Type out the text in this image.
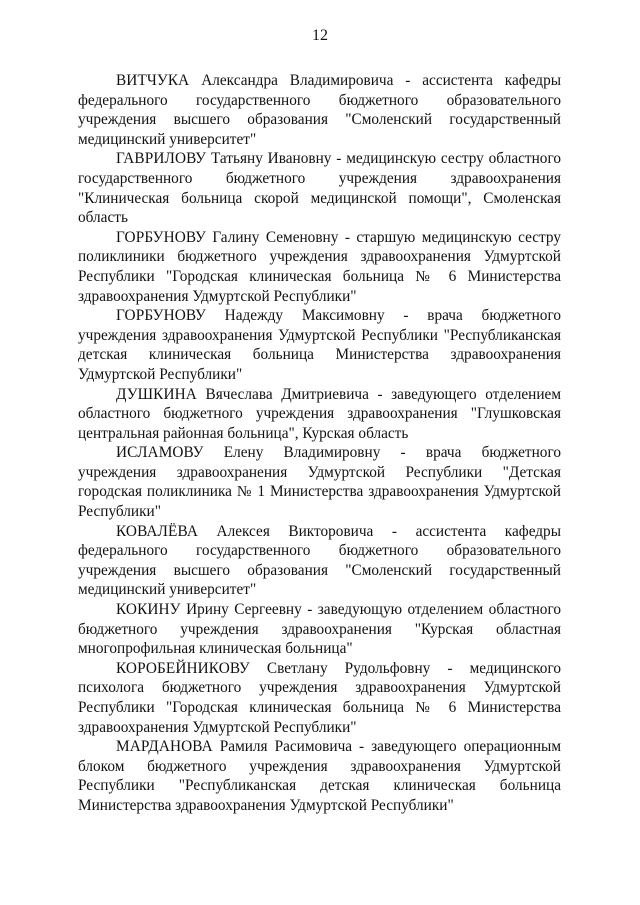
12

ВИТЧУКА Александра Владимировича - ассистента кафедры федерального государственного бюджетного образовательного учреждения высшего образования "Смоленский государственный медицинский университет"

ГАВРИЛОВУ Татьяну Ивановну - медицинскую сестру областного государственного бюджетного учреждения здравоохранения "Клиническая больница скорой медицинской помощи", Смоленская область

ГОРБУНОВУ Галину Семеновну - старшую медицинскую сестру поликлиники бюджетного учреждения здравоохранения Удмуртской Республики "Городская клиническая больница № 6 Министерства здравоохранения Удмуртской Республики"

ГОРБУНОВУ Надежду Максимовну - врача бюджетного учреждения здравоохранения Удмуртской Республики "Республиканская детская клиническая больница Министерства здравоохранения Удмуртской Республики"

ДУШКИНА Вячеслава Дмитриевича - заведующего отделением областного бюджетного учреждения здравоохранения "Глушковская центральная районная больница", Курская область

ИСЛАМОВУ Елену Владимировну - врача бюджетного учреждения здравоохранения Удмуртской Республики "Детская городская поликлиника № 1 Министерства здравоохранения Удмуртской Республики"

КОВАЛЁВА Алексея Викторовича - ассистента кафедры федерального государственного бюджетного образовательного учреждения высшего образования "Смоленский государственный медицинский университет"

КОКИНУ Ирину Сергеевну - заведующую отделением областного бюджетного учреждения здравоохранения "Курская областная многопрофильная клиническая больница"

КОРОБЕЙНИКОВУ Светлану Рудольфовну - медицинского психолога бюджетного учреждения здравоохранения Удмуртской Республики "Городская клиническая больница № 6 Министерства здравоохранения Удмуртской Республики"

МАРДАНОВА Рамиля Расимовича - заведующего операционным блоком бюджетного учреждения здравоохранения Удмуртской Республики "Республиканская детская клиническая больница Министерства здравоохранения Удмуртской Республики"
